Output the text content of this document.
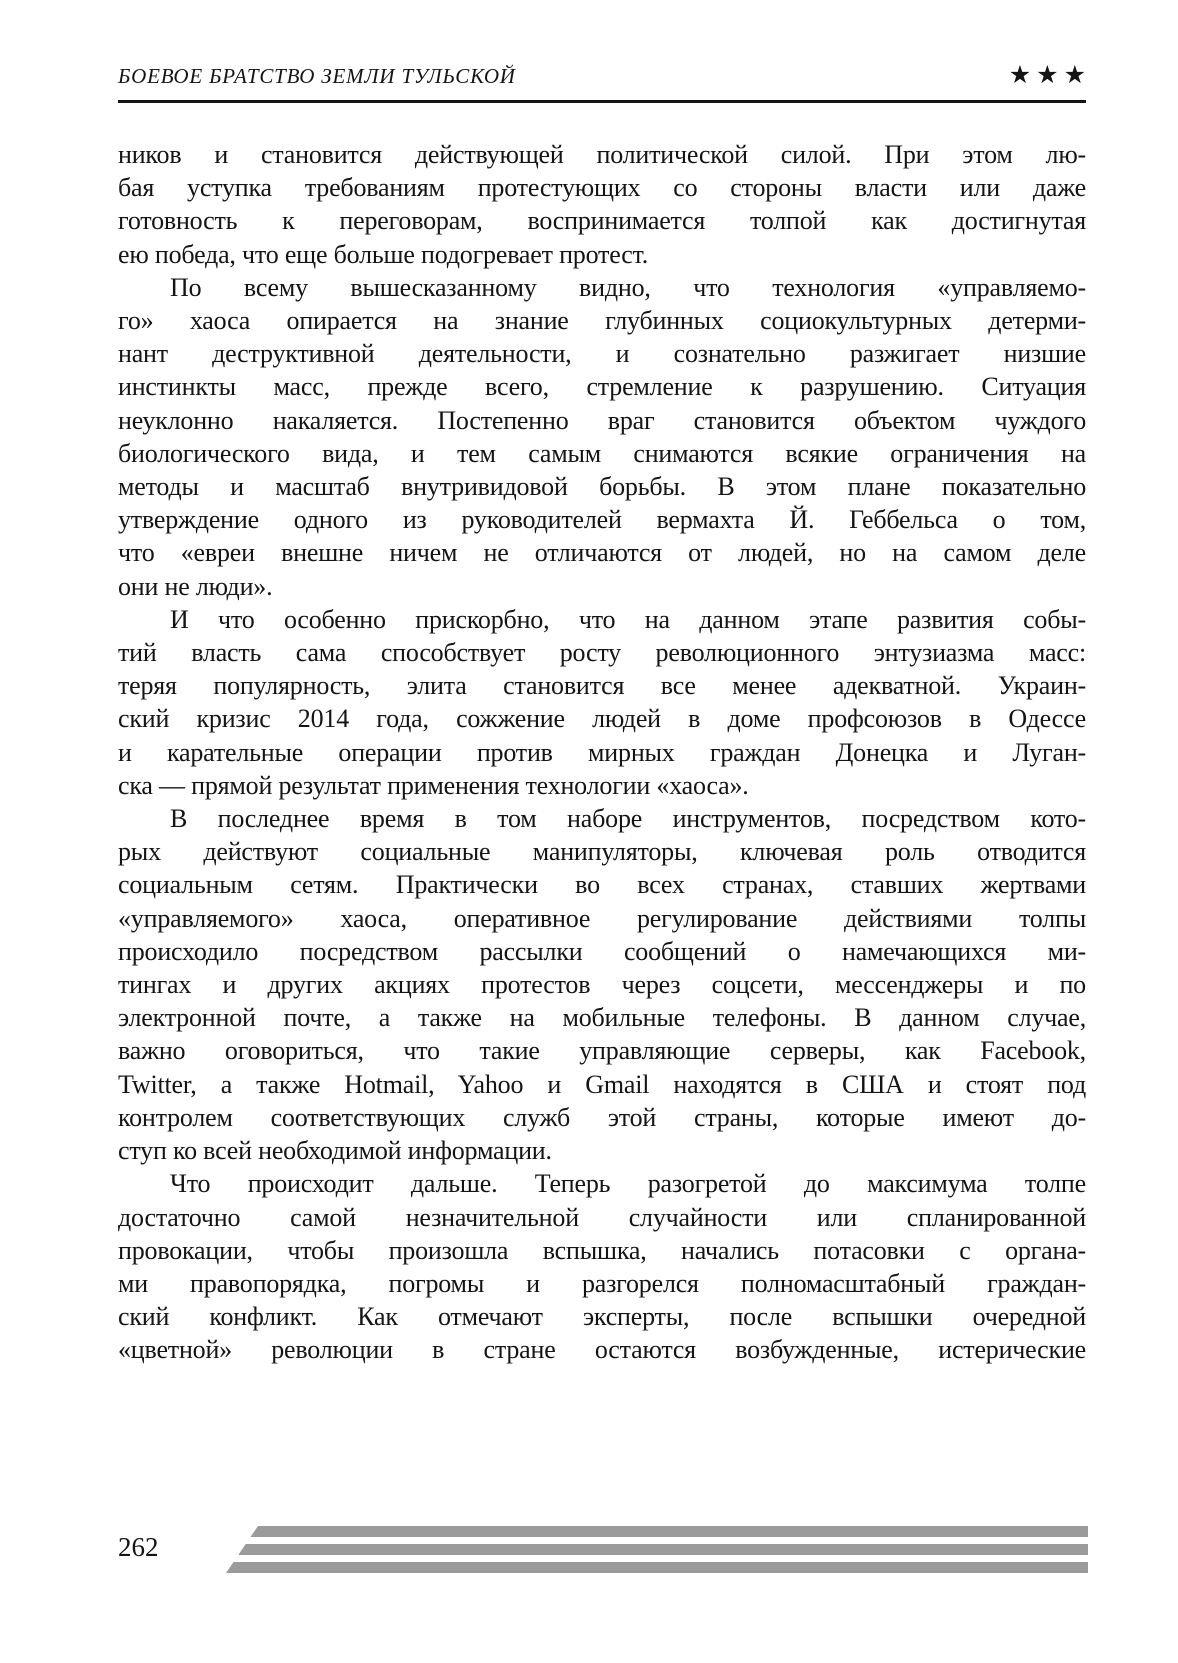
БОЕВОЕ БРАТСТВО ЗЕМЛИ ТУЛЬСКОЙ	★★★
ников и становится действующей политической силой. При этом лю-
бая уступка требованиям протестующих со стороны власти или даже
готовность к переговорам, воспринимается толпой как достигнутая
ею победа, что еще больше подогревает протест.
По всему вышесказанному видно, что технология «управляемо-
го» хаоса опирается на знание глубинных социокультурных детерми-
нант деструктивной деятельности, и сознательно разжигает низшие
инстинкты масс, прежде всего, стремление к разрушению. Ситуация
неуклонно накаляется. Постепенно враг становится объектом чуждого
биологического вида, и тем самым снимаются всякие ограничения на
методы и масштаб внутривидовой борьбы. В этом плане показательно
утверждение одного из руководителей вермахта Й. Геббельса о том,
что «евреи внешне ничем не отличаются от людей, но на самом деле
они не люди».
И что особенно прискорбно, что на данном этапе развития собы-
тий власть сама способствует росту революционного энтузиазма масс:
теряя популярность, элита становится все менее адекватной. Украин-
ский кризис 2014 года, сожжение людей в доме профсоюзов в Одессе
и карательные операции против мирных граждан Донецка и Луган-
ска — прямой результат применения технологии «хаоса».
В последнее время в том наборе инструментов, посредством кото-
рых действуют социальные манипуляторы, ключевая роль отводится
социальным сетям. Практически во всех странах, ставших жертвами
«управляемого» хаоса, оперативное регулирование действиями толпы
происходило посредством рассылки сообщений о намечающихся ми-
тингах и других акциях протестов через соцсети, мессенджеры и по
электронной почте, а также на мобильные телефоны. В данном случае,
важно оговориться, что такие управляющие серверы, как Facebook,
Twitter, а также Hotmail, Yahoo и Gmail находятся в США и стоят под
контролем соответствующих служб этой страны, которые имеют до-
ступ ко всей необходимой информации.
Что происходит дальше. Теперь разогретой до максимума толпе
достаточно самой незначительной случайности или спланированной
провокации, чтобы произошла вспышка, начались потасовки с органа-
ми правопорядка, погромы и разгорелся полномасштабный граждан-
ский конфликт. Как отмечают эксперты, после вспышки очередной
«цветной» революции в стране остаются возбужденные, истерические
262
